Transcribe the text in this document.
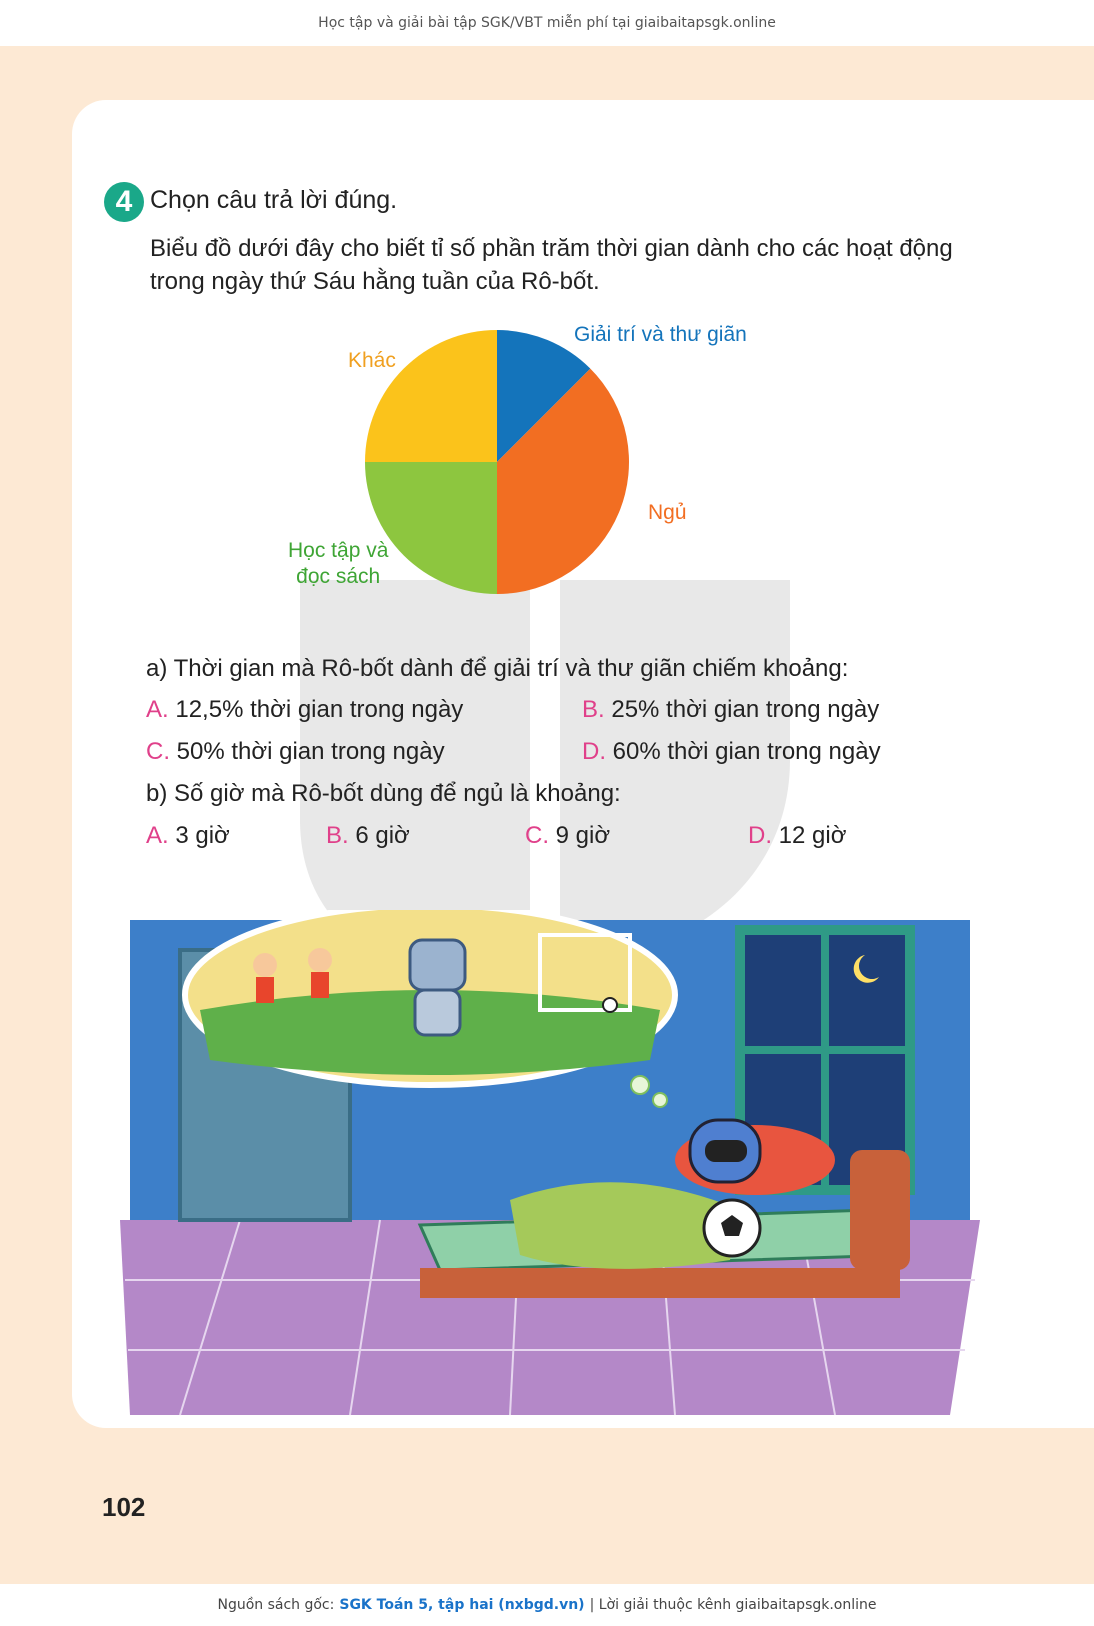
Học tập và giải bài tập SGK/VBT miễn phí tại giaibaitapsgk.online
4 Chọn câu trả lời đúng.
Biểu đồ dưới đây cho biết tỉ số phần trăm thời gian dành cho các hoạt động trong ngày thứ Sáu hằng tuần của Rô-bốt.
Giải trí và thư giãn
Ngủ
Khác
Học tập và
đọc sách
a) Thời gian mà Rô-bốt dành để giải trí và thư giãn chiếm khoảng:
A. 12,5% thời gian trong ngày	B. 25% thời gian trong ngày
C. 50% thời gian trong ngày	D. 60% thời gian trong ngày
b) Số giờ mà Rô-bốt dùng để ngủ là khoảng:
A. 3 giờ	B. 6 giờ	C. 9 giờ	D. 12 giờ
102
Nguồn sách gốc: SGK Toán 5, tập hai (nxbgd.vn) | Lời giải thuộc kênh giaibaitapsgk.online
